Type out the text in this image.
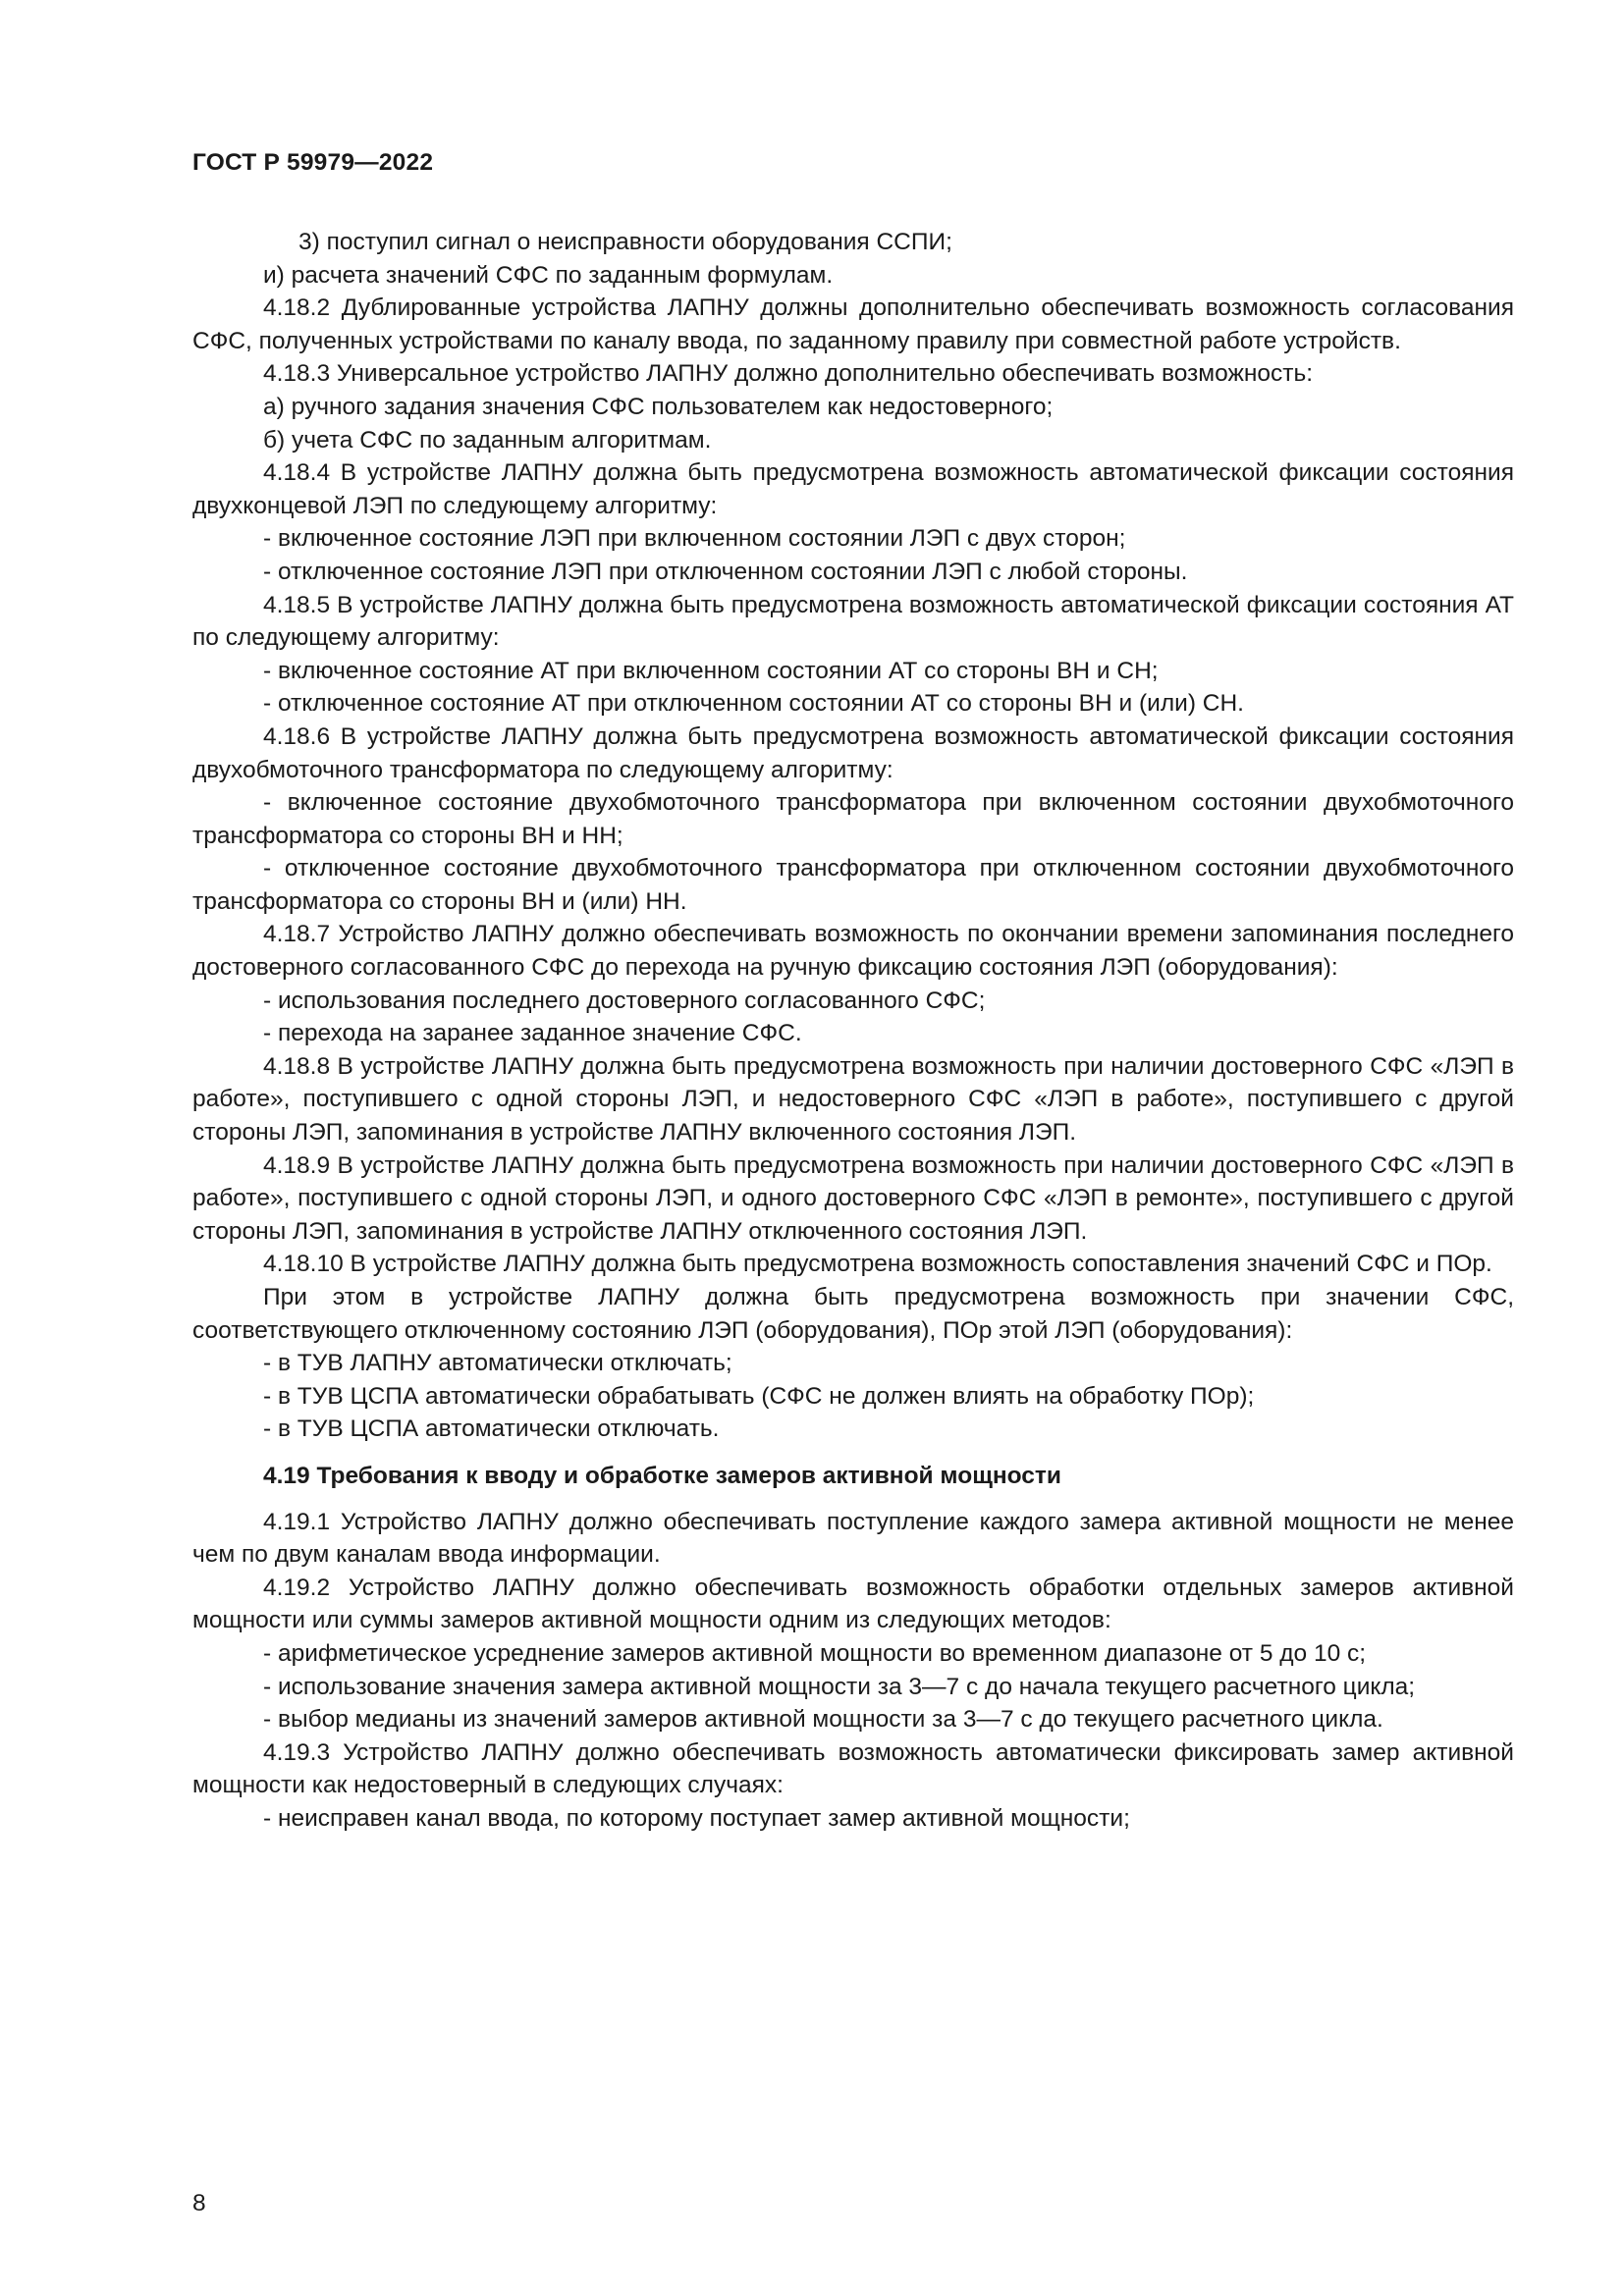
ГОСТ Р 59979—2022

3) поступил сигнал о неисправности оборудования ССПИ;

и) расчета значений СФС по заданным формулам.

4.18.2 Дублированные устройства ЛАПНУ должны дополнительно обеспечивать возможность согласования СФС, полученных устройствами по каналу ввода, по заданному правилу при совместной работе устройств.

4.18.3 Универсальное устройство ЛАПНУ должно дополнительно обеспечивать возможность:

а) ручного задания значения СФС пользователем как недостоверного;

б) учета СФС по заданным алгоритмам.

4.18.4 В устройстве ЛАПНУ должна быть предусмотрена возможность автоматической фиксации состояния двухконцевой ЛЭП по следующему алгоритму:

- включенное состояние ЛЭП при включенном состоянии ЛЭП с двух сторон;

- отключенное состояние ЛЭП при отключенном состоянии ЛЭП с любой стороны.

4.18.5 В устройстве ЛАПНУ должна быть предусмотрена возможность автоматической фиксации состояния АТ по следующему алгоритму:

- включенное состояние АТ при включенном состоянии АТ со стороны ВН и СН;

- отключенное состояние АТ при отключенном состоянии АТ со стороны ВН и (или) СН.

4.18.6 В устройстве ЛАПНУ должна быть предусмотрена возможность автоматической фиксации состояния двухобмоточного трансформатора по следующему алгоритму:

- включенное состояние двухобмоточного трансформатора при включенном состоянии двухобмоточного трансформатора со стороны ВН и НН;

- отключенное состояние двухобмоточного трансформатора при отключенном состоянии двухобмоточного трансформатора со стороны ВН и (или) НН.

4.18.7 Устройство ЛАПНУ должно обеспечивать возможность по окончании времени запоминания последнего достоверного согласованного СФС до перехода на ручную фиксацию состояния ЛЭП (оборудования):

- использования последнего достоверного согласованного СФС;

- перехода на заранее заданное значение СФС.

4.18.8 В устройстве ЛАПНУ должна быть предусмотрена возможность при наличии достоверного СФС «ЛЭП в работе», поступившего с одной стороны ЛЭП, и недостоверного СФС «ЛЭП в работе», поступившего с другой стороны ЛЭП, запоминания в устройстве ЛАПНУ включенного состояния ЛЭП.

4.18.9 В устройстве ЛАПНУ должна быть предусмотрена возможность при наличии достоверного СФС «ЛЭП в работе», поступившего с одной стороны ЛЭП, и одного достоверного СФС «ЛЭП в ремонте», поступившего с другой стороны ЛЭП, запоминания в устройстве ЛАПНУ отключенного состояния ЛЭП.

4.18.10 В устройстве ЛАПНУ должна быть предусмотрена возможность сопоставления значений СФС и ПОр.

При этом в устройстве ЛАПНУ должна быть предусмотрена возможность при значении СФС, соответствующего отключенному состоянию ЛЭП (оборудования), ПОр этой ЛЭП (оборудования):

- в ТУВ ЛАПНУ автоматически отключать;

- в ТУВ ЦСПА автоматически обрабатывать (СФС не должен влиять на обработку ПОр);

- в ТУВ ЦСПА автоматически отключать.

4.19 Требования к вводу и обработке замеров активной мощности

4.19.1 Устройство ЛАПНУ должно обеспечивать поступление каждого замера активной мощности не менее чем по двум каналам ввода информации.

4.19.2 Устройство ЛАПНУ должно обеспечивать возможность обработки отдельных замеров активной мощности или суммы замеров активной мощности одним из следующих методов:

- арифметическое усреднение замеров активной мощности во временном диапазоне от 5 до 10 с;

- использование значения замера активной мощности за 3—7 с до начала текущего расчетного цикла;

- выбор медианы из значений замеров активной мощности за 3—7 с до текущего расчетного цикла.

4.19.3 Устройство ЛАПНУ должно обеспечивать возможность автоматически фиксировать замер активной мощности как недостоверный в следующих случаях:

- неисправен канал ввода, по которому поступает замер активной мощности;

8
